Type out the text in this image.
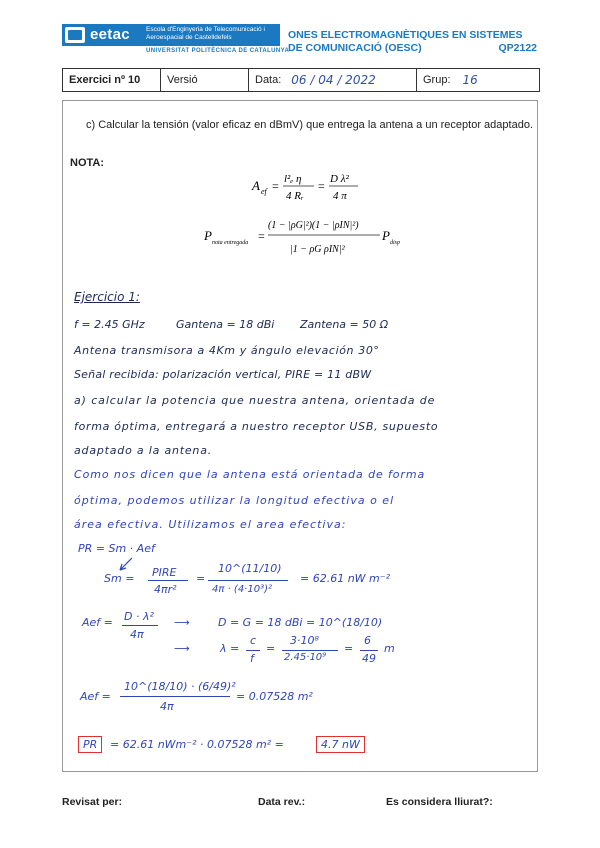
eetac Escola d'Enginyeria de Telecomunicació i Aeroespacial de Castelldefels
UNIVERSITAT POLITÈCNICA DE CATALUNYA
ONES ELECTROMAGNÈTIQUES EN SISTEMES DE COMUNICACIÓ (OESC)	QP2122
Exercici nº 10	Versió	Data: 06 / 04 / 2022	Grup: 16
c) Calcular la tensión (valor eficaz en dBmV) que entrega la antena a un receptor adaptado.
NOTA:
A ef = l²ₑ η
4 Rᵣ
= D λ²
4 π
P nota entregada =
(1 − |ρG|²)(1 − |ρIN|²)
|1 − ρG ρIN|²
P disp
Ejercicio 1:
f = 2.45 GHz	Gantena = 18 dBi Zantena = 50 Ω
Antena transmisora a 4Km y ángulo elevación 30°
Señal recibida: polarización vertical, PIRE = 11 dBW
a) calcular la potencia que nuestra antena, orientada de
forma óptima, entregará a nuestro receptor USB, supuesto
adaptado a la antena.
Como nos dicen que la antena está orientada de forma
óptima, podemos utilizar la longitud efectiva o el
área efectiva. Utilizamos el area efectiva:
PR = Sm · Aef
Sm = PIRE
4πr²
=
10^(11/10)
4π · (4·10³)²
= 62.61 nW m⁻²
Aef = D · λ²
4π
⟶	D = G = 18 dBi = 10^(18/10)
⟶	λ =
c
f
=
3·10⁸
2.45·10⁹
=
6
49
m
Aef =
10^(18/10) · (6/49)²
4π
= 0.07528 m²
PR	= 62.61 nWm⁻² · 0.07528 m² =	4.7 nW
Revisat per:	Data rev.:	Es considera lliurat?:
